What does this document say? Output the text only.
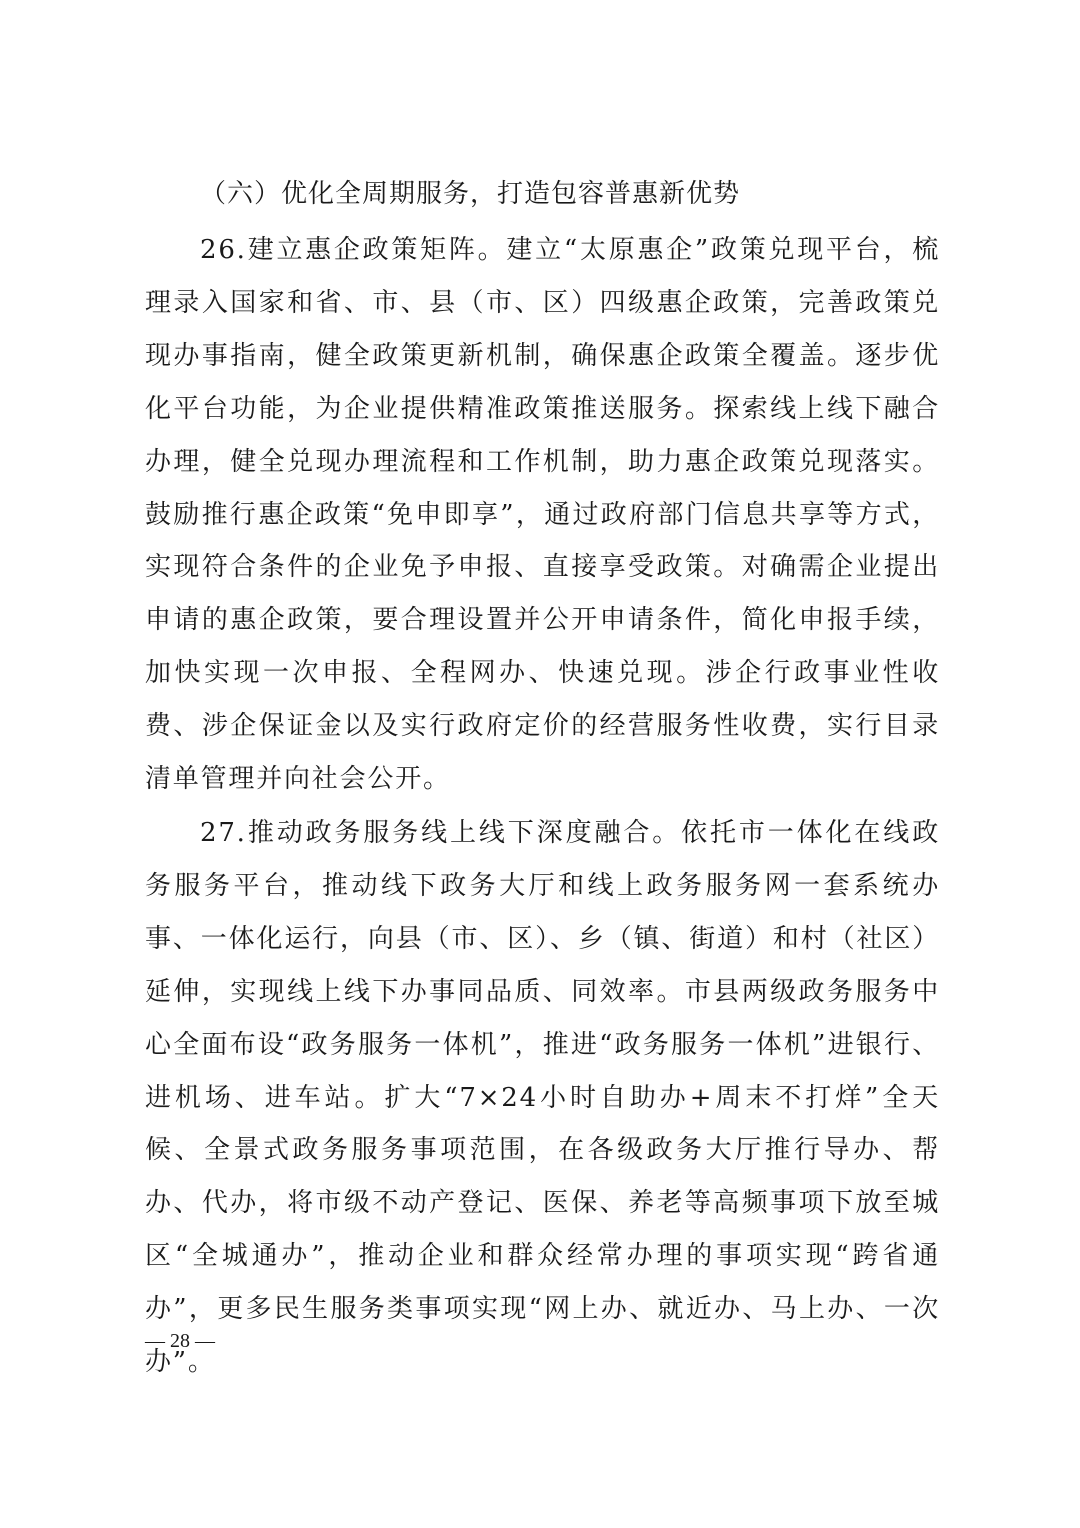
（六）优化全周期服务，打造包容普惠新优势

26.建立惠企政策矩阵。建立“太原惠企”政策兑现平台，梳理录入国家和省、市、县（市、区）四级惠企政策，完善政策兑现办事指南，健全政策更新机制，确保惠企政策全覆盖。逐步优化平台功能，为企业提供精准政策推送服务。探索线上线下融合办理，健全兑现办理流程和工作机制，助力惠企政策兑现落实。鼓励推行惠企政策“免申即享”，通过政府部门信息共享等方式，实现符合条件的企业免予申报、直接享受政策。对确需企业提出申请的惠企政策，要合理设置并公开申请条件，简化申报手续，加快实现一次申报、全程网办、快速兑现。涉企行政事业性收费、涉企保证金以及实行政府定价的经营服务性收费，实行目录清单管理并向社会公开。

27.推动政务服务线上线下深度融合。依托市一体化在线政务服务平台，推动线下政务大厅和线上政务服务网一套系统办事、一体化运行，向县（市、区）、乡（镇、街道）和村（社区）延伸，实现线上线下办事同品质、同效率。市县两级政务服务中心全面布设“政务服务一体机”，推进“政务服务一体机”进银行、进机场、进车站。扩大“7×24小时自助办+周末不打烊”全天候、全景式政务服务事项范围，在各级政务大厅推行导办、帮办、代办，将市级不动产登记、医保、养老等高频事项下放至城区“全城通办”，推动企业和群众经常办理的事项实现“跨省通办”，更多民生服务类事项实现“网上办、就近办、马上办、一次办”。

— 28 —
